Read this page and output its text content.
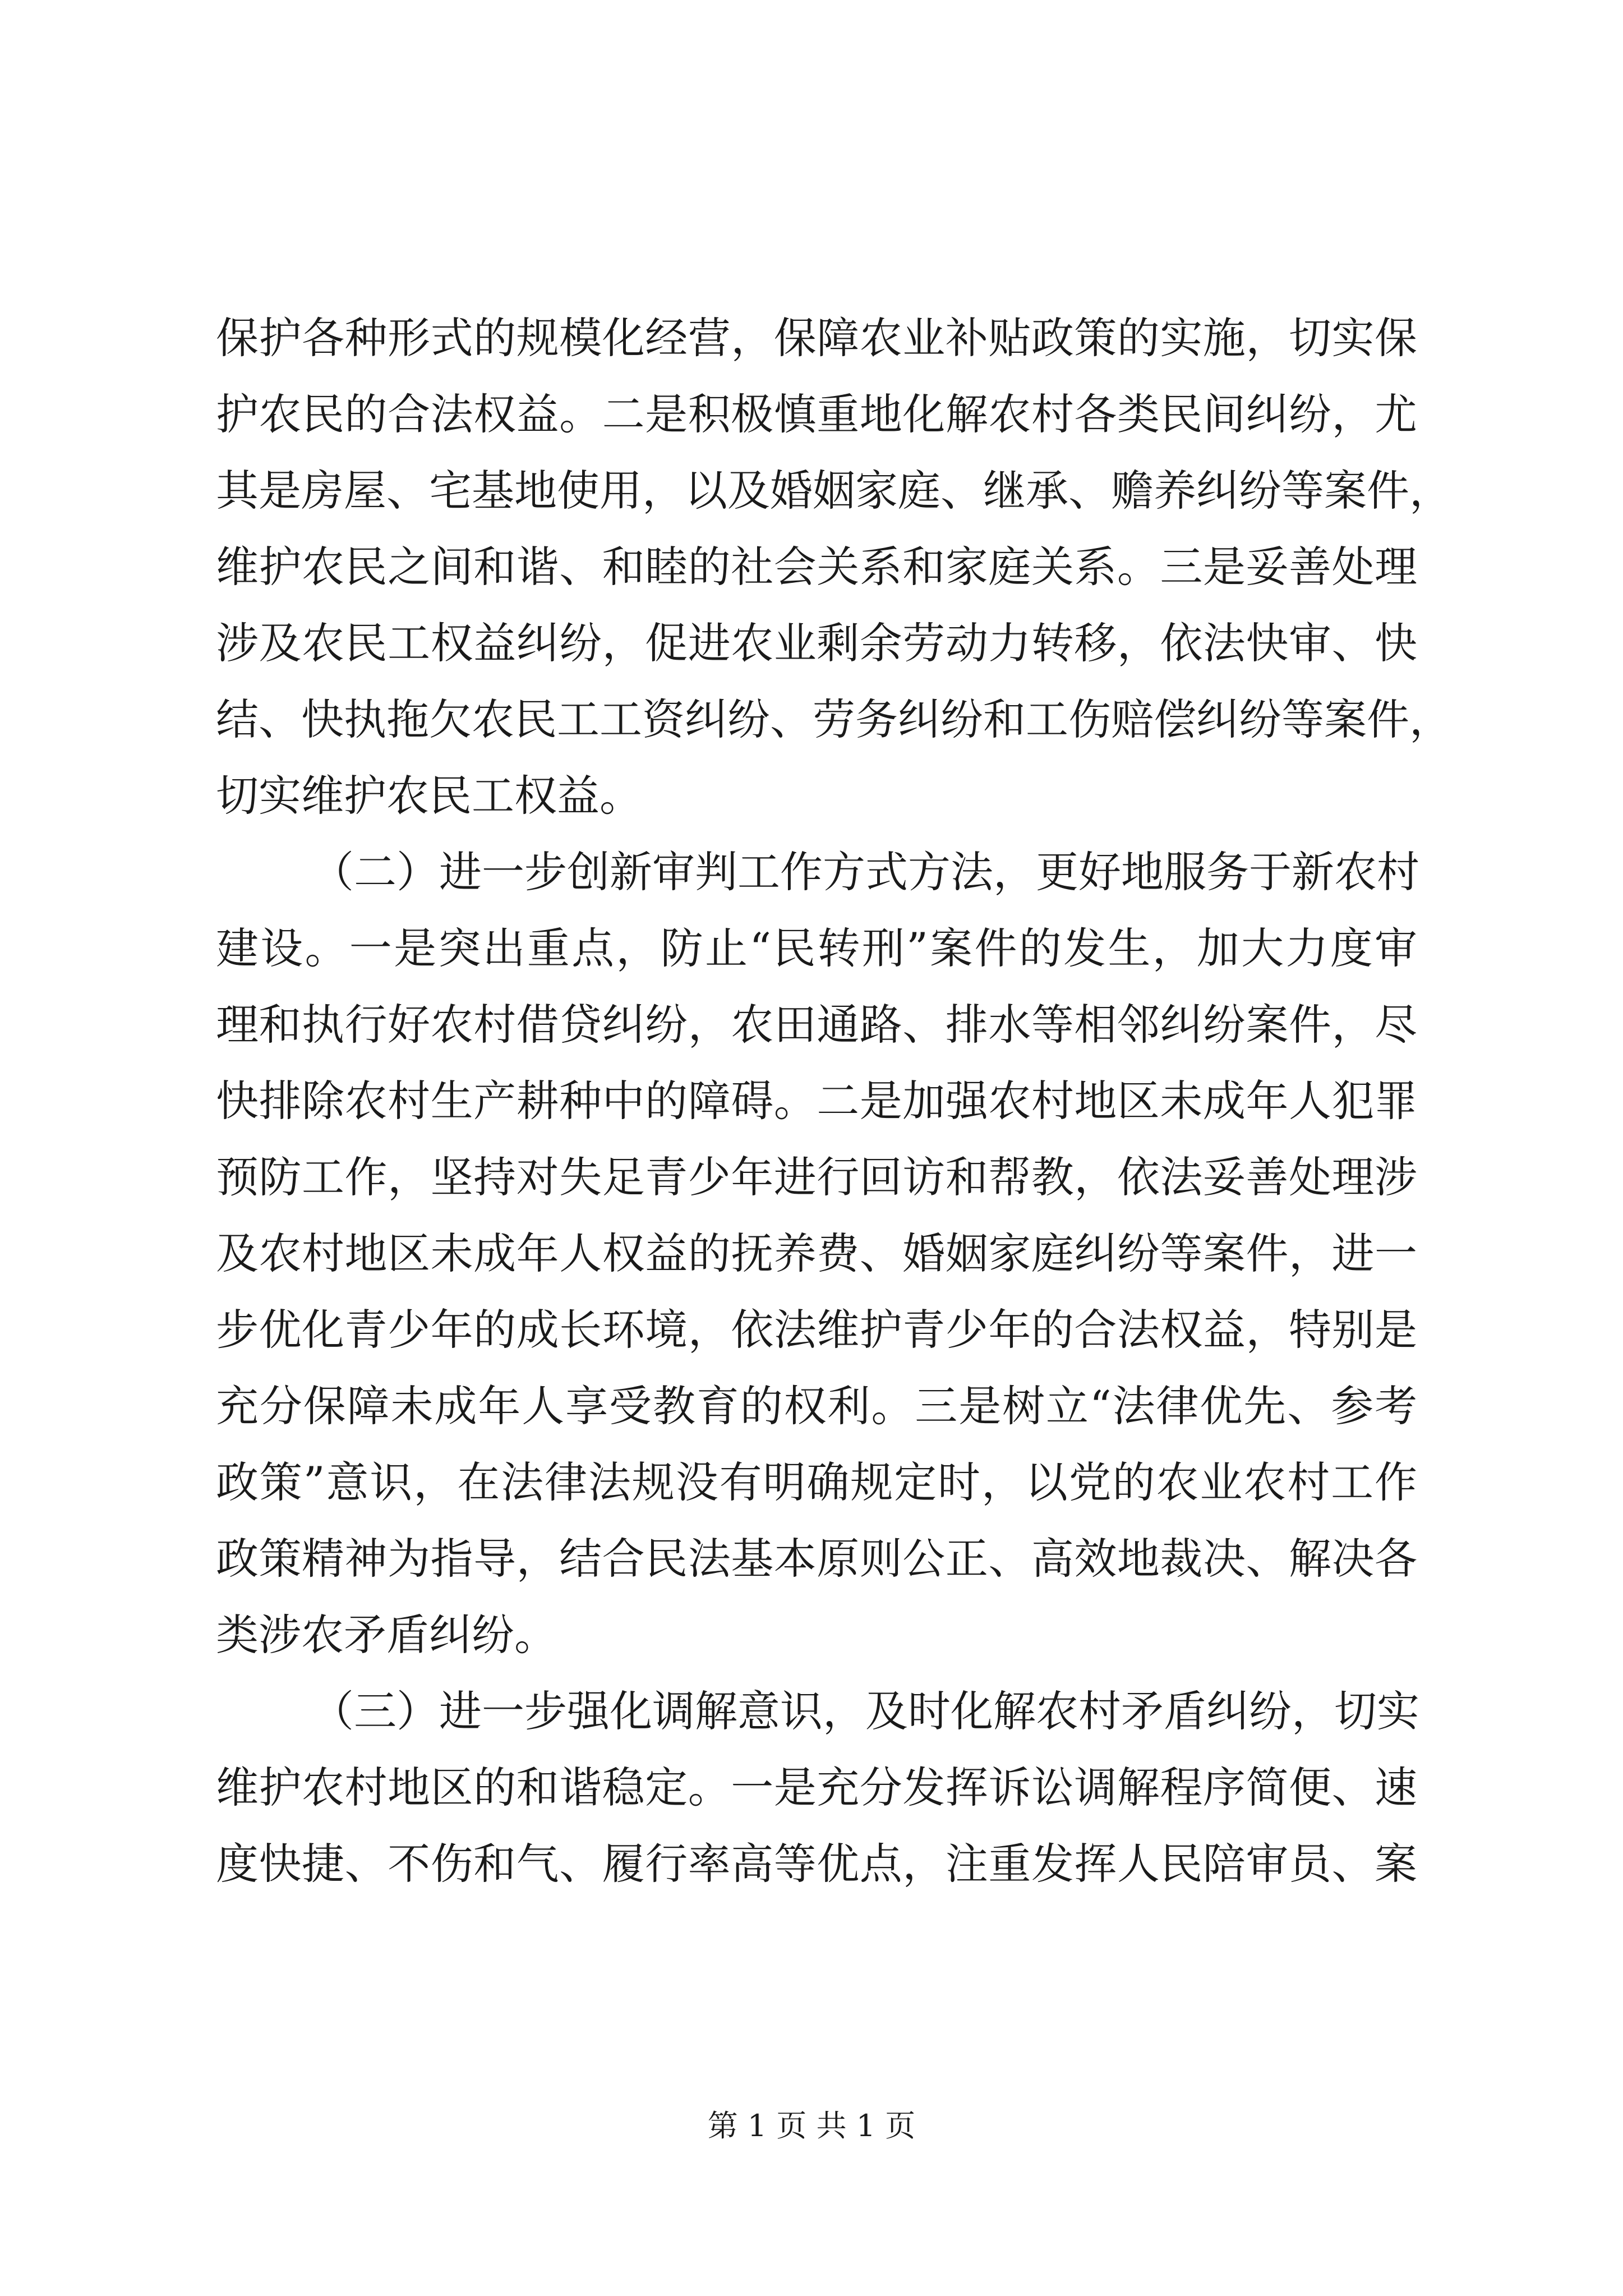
保护各种形式的规模化经营，保障农业补贴政策的实施，切实保
护农民的合法权益。二是积极慎重地化解农村各类民间纠纷，尤
其是房屋、宅基地使用，以及婚姻家庭、继承、赡养纠纷等案件，
维护农民之间和谐、和睦的社会关系和家庭关系。三是妥善处理
涉及农民工权益纠纷，促进农业剩余劳动力转移，依法快审、快
结、快执拖欠农民工工资纠纷、劳务纠纷和工伤赔偿纠纷等案件，
切实维护农民工权益。
（二）进一步创新审判工作方式方法，更好地服务于新农村
建设。一是突出重点，防止“民转刑”案件的发生，加大力度审
理和执行好农村借贷纠纷，农田通路、排水等相邻纠纷案件，尽
快排除农村生产耕种中的障碍。二是加强农村地区未成年人犯罪
预防工作，坚持对失足青少年进行回访和帮教，依法妥善处理涉
及农村地区未成年人权益的抚养费、婚姻家庭纠纷等案件，进一
步优化青少年的成长环境，依法维护青少年的合法权益，特别是
充分保障未成年人享受教育的权利。三是树立“法律优先、参考
政策”意识，在法律法规没有明确规定时，以党的农业农村工作
政策精神为指导，结合民法基本原则公正、高效地裁决、解决各
类涉农矛盾纠纷。
（三）进一步强化调解意识，及时化解农村矛盾纠纷，切实
维护农村地区的和谐稳定。一是充分发挥诉讼调解程序简便、速
度快捷、不伤和气、履行率高等优点，注重发挥人民陪审员、案
第 1 页 共 1 页
